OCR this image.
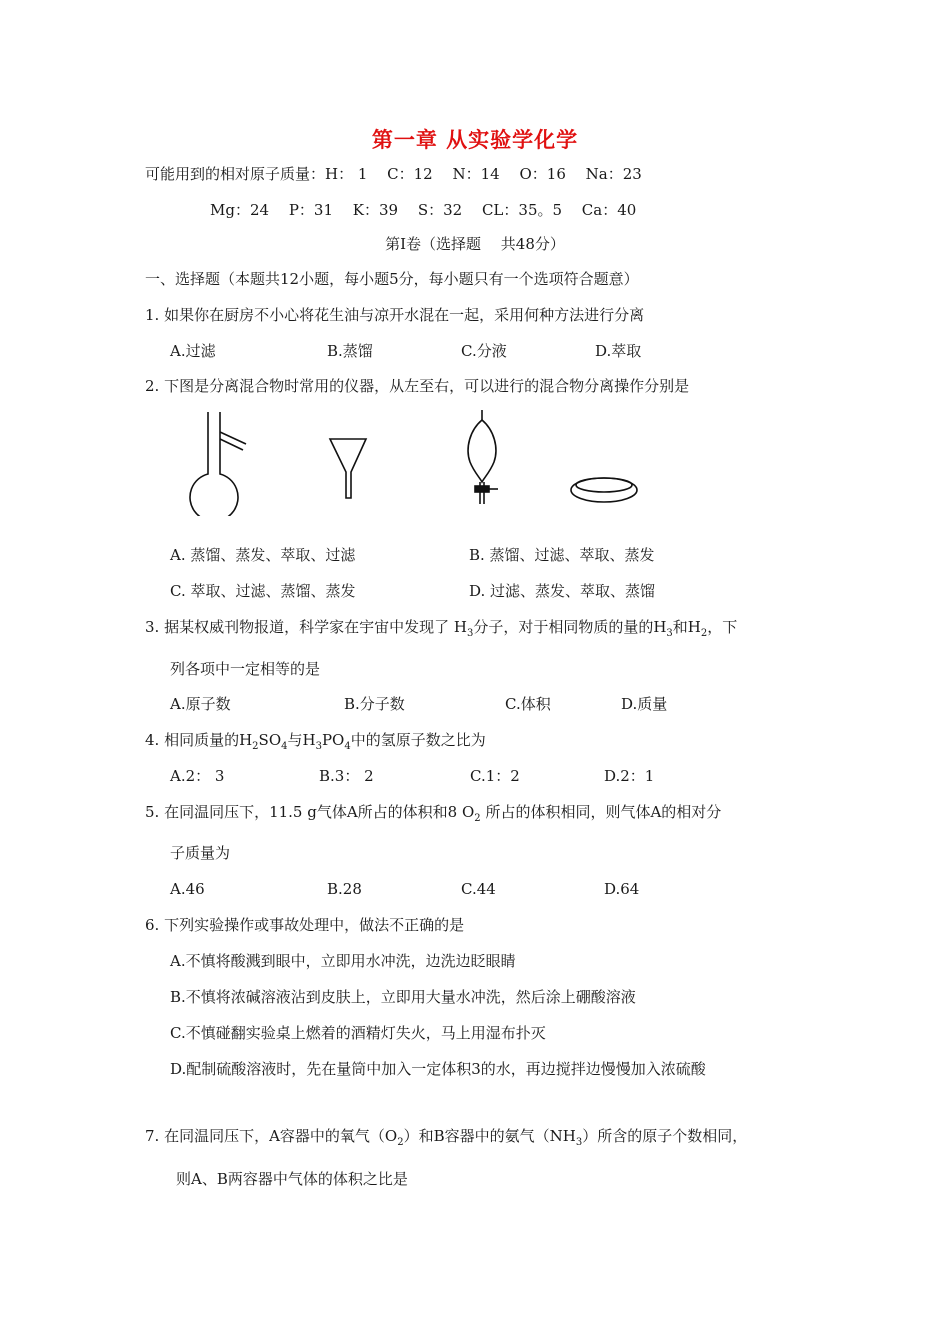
第一章 从实验学化学
可能用到的相对原子质量：H： 1　 C：12　 N：14　 O：16　 Na：23
Mg：24　 P：31　 K：39　 S：32　 CL：35。5　 Ca：40
第Ⅰ卷（选择题　 共48分）
一、选择题（本题共12小题，每小题5分，每小题只有一个选项符合题意）
1. 如果你在厨房不小心将花生油与凉开水混在一起，采用何种方法进行分离
A.过滤	B.蒸馏	C.分液	D.萃取
2. 下图是分离混合物时常用的仪器，从左至右，可以进行的混合物分离操作分别是
A. 蒸馏、蒸发、萃取、过滤	B. 蒸馏、过滤、萃取、蒸发
C. 萃取、过滤、蒸馏、蒸发	D. 过滤、蒸发、萃取、蒸馏
3. 据某权威刊物报道，科学家在宇宙中发现了 $H_3$分子，对于相同物质的量的$H_3$和$H_2$，下
列各项中一定相等的是
A.原子数	B.分子数	C.体积	D.质量
4. 相同质量的$H_2SO_4$与$H_3PO_4$中的氢原子数之比为
A.2： 3	B.3： 2	C.1：2	D.2：1
5. 在同温同压下，11.5 g气体A所占的体积和8 $O_2$ 所占的体积相同，则气体A的相对分
子质量为
A.46	B.28	C.44	D.64
6. 下列实验操作或事故处理中，做法不正确的是
A.不慎将酸溅到眼中，立即用水冲洗，边洗边眨眼睛
B.不慎将浓碱溶液沾到皮肤上，立即用大量水冲洗，然后涂上硼酸溶液
C.不慎碰翻实验桌上燃着的酒精灯失火，马上用湿布扑灭
D.配制硫酸溶液时，先在量筒中加入一定体积3的水，再边搅拌边慢慢加入浓硫酸
7. 在同温同压下，A容器中的氧气$(O_2)$和B容器中的氨气$(NH_3)$所含的原子个数相同，
则A、B两容器中气体的体积之比是
